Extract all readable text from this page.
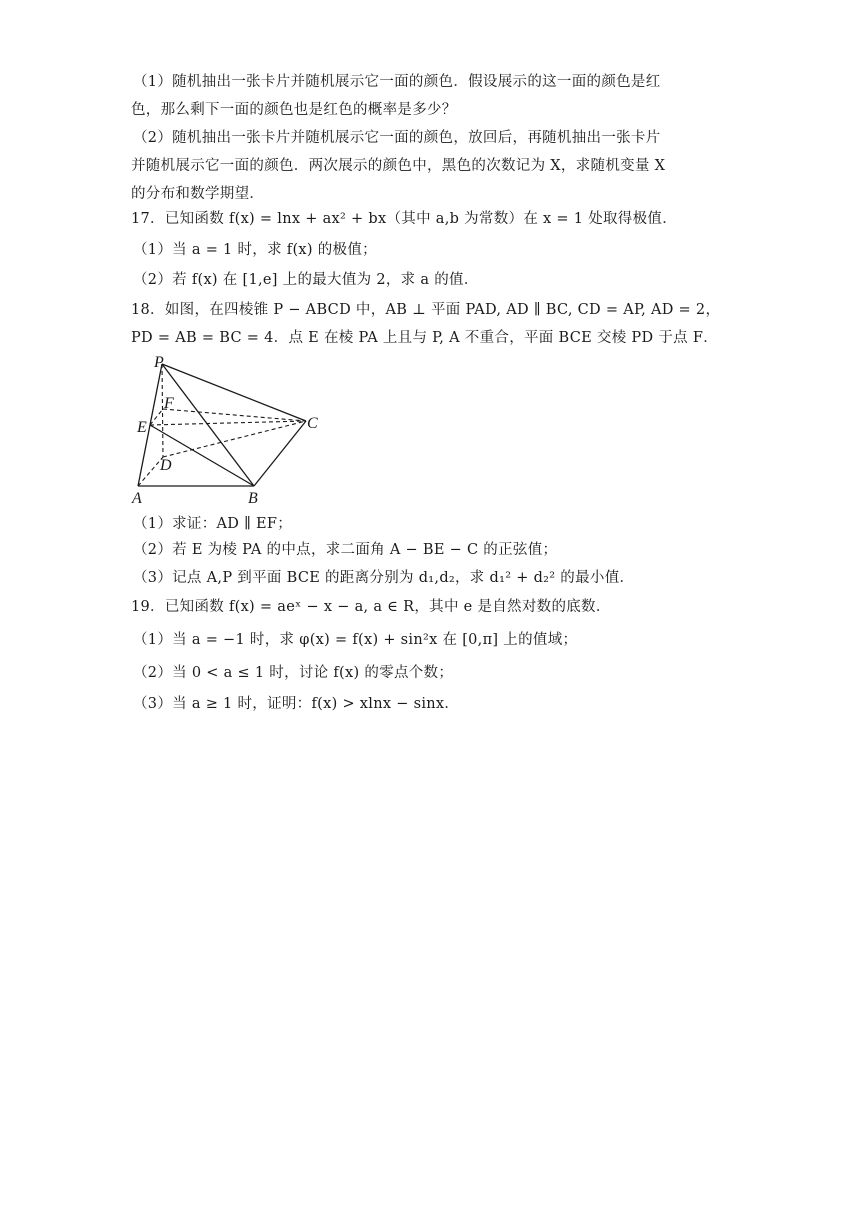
（1）随机抽出一张卡片并随机展示它一面的颜色．假设展示的这一面的颜色是红
色，那么剩下一面的颜色也是红色的概率是多少？
（2）随机抽出一张卡片并随机展示它一面的颜色，放回后，再随机抽出一张卡片
并随机展示它一面的颜色．两次展示的颜色中，黑色的次数记为 X，求随机变量 X
的分布和数学期望．
17．已知函数 f(x) = lnx + ax² + bx（其中 a,b 为常数）在 x = 1 处取得极值．
（1）当 a = 1 时，求 f(x) 的极值；
（2）若 f(x) 在 [1,e] 上的最大值为 2，求 a 的值．
18．如图，在四棱锥 P − ABCD 中，AB ⊥ 平面 PAD, AD ∥ BC, CD = AP, AD = 2，
PD = AB = BC = 4．点 E 在棱 PA 上且与 P, A 不重合，平面 BCE 交棱 PD 于点 F．
P
F
E
D
A	B
C
（1）求证：AD ∥ EF；
（2）若 E 为棱 PA 的中点，求二面角 A − BE − C 的正弦值；
（3）记点 A,P 到平面 BCE 的距离分别为 d₁,d₂，求 d₁² + d₂² 的最小值．
19．已知函数 f(x) = aeˣ − x − a, a ∈ R，其中 e 是自然对数的底数．
（1）当 a = −1 时，求 φ(x) = f(x) + sin²x 在 [0,π] 上的值域；
（2）当 0 < a ≤ 1 时，讨论 f(x) 的零点个数；
（3）当 a ≥ 1 时，证明：f(x) > xlnx − sinx．
